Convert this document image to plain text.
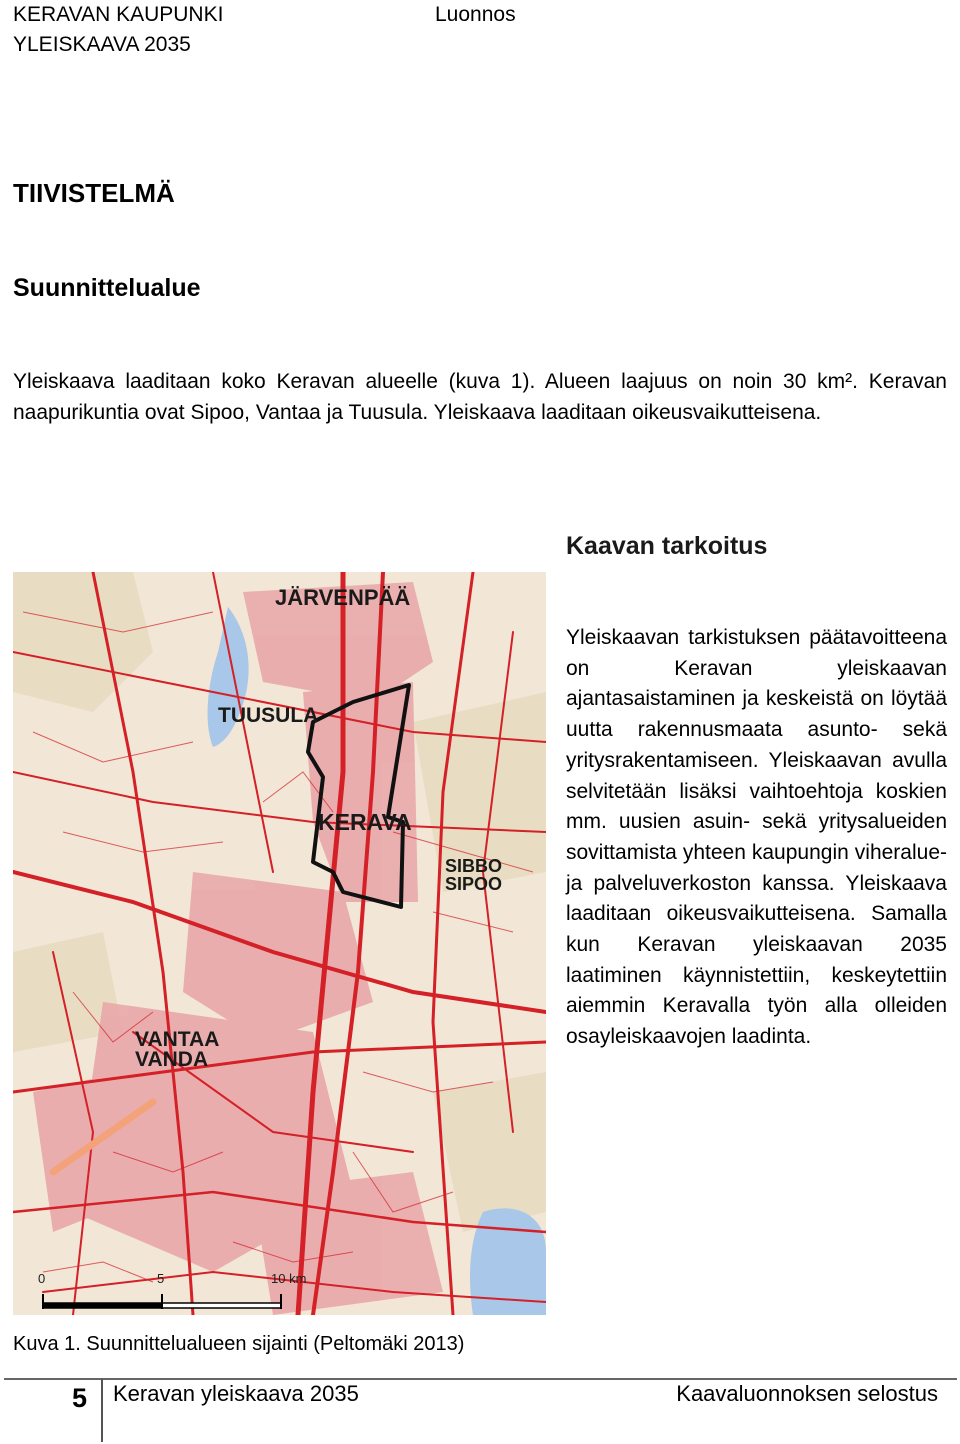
KERAVAN KAUPUNKI
YLEISKAAVA 2035
Luonnos
TIIVISTELMÄ
Suunnittelualue

Yleiskaava laaditaan koko Keravan alueelle (kuva 1). Alueen laajuus on noin 30 km². Keravan naapurikuntia ovat Sipoo, Vantaa ja Tuusula. Yleiskaava laaditaan oikeusvaikutteisena.

Kaavan tarkoitus

Yleiskaavan tarkistuksen päätavoitteena on Keravan yleiskaavan ajantasaistaminen ja keskeistä on löytää uutta rakennusmaata asunto- sekä yritysrakentamiseen. Yleiskaavan avulla selvitetään lisäksi vaihtoehtoja koskien mm. uusien asuin- sekä yritysalueiden sovittamista yhteen kaupungin viheralue- ja palveluverkoston kanssa. Yleiskaava laaditaan oikeusvaikutteisena. Samalla kun Keravan yleiskaavan 2035 laatiminen käynnistettiin, keskeytettiin aiemmin Keravalla työn alla olleiden osayleiskaavojen laadinta.

JÄRVENPÄÄ
TUUSULA
KERAVA
SIBBO
SIPOO
VANTAA
VANDA
0	5	10 km
Kuva 1. Suunnittelualueen sijainti (Peltomäki 2013)
5 Keravan yleiskaava 2035	Kaavaluonnoksen selostus
